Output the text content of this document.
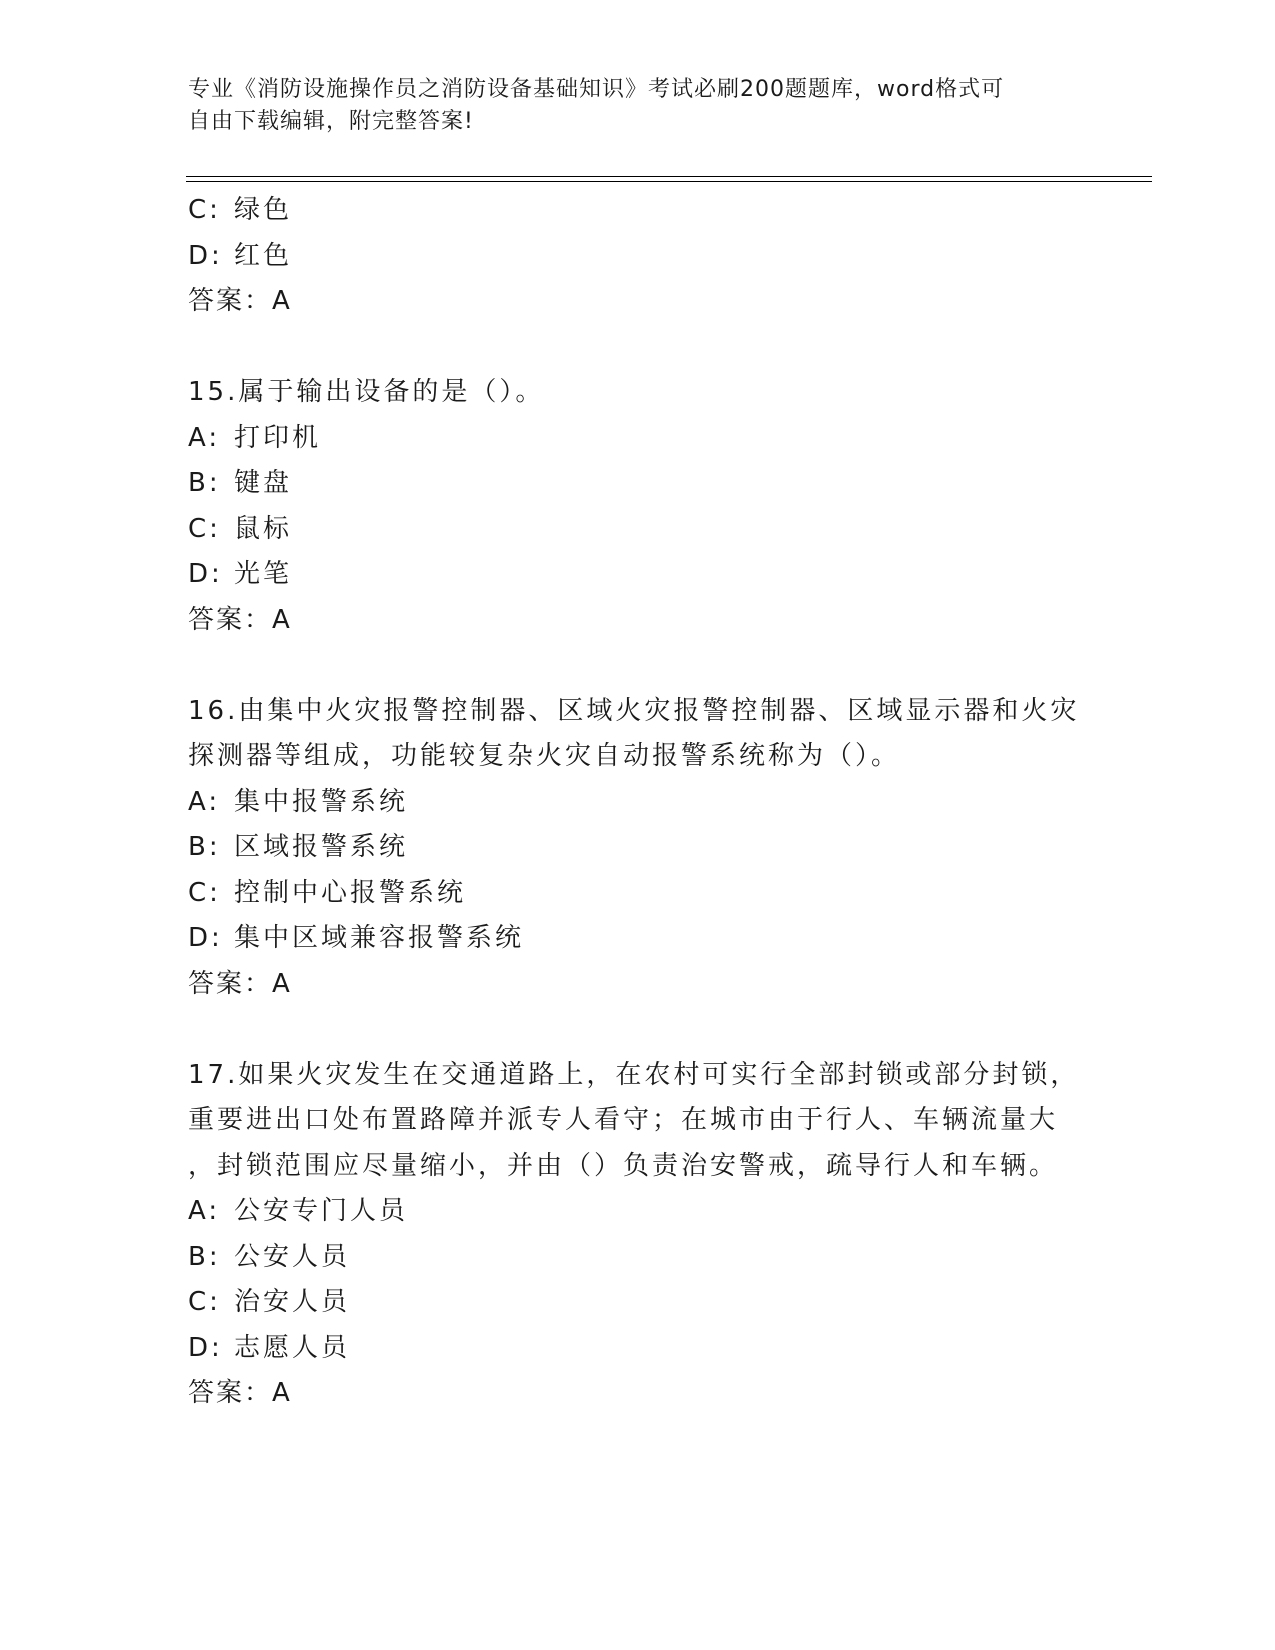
专业《消防设施操作员之消防设备基础知识》考试必刷200题题库，word格式可
自由下载编辑，附完整答案!
C: 绿色
D: 红色
答案：A
15.属于输出设备的是（）。
A: 打印机
B: 键盘
C: 鼠标
D: 光笔
答案：A
16.由集中火灾报警控制器、区域火灾报警控制器、区域显示器和火灾
探测器等组成，功能较复杂火灾自动报警系统称为（）。
A: 集中报警系统
B: 区域报警系统
C: 控制中心报警系统
D: 集中区域兼容报警系统
答案：A
17.如果火灾发生在交通道路上，在农村可实行全部封锁或部分封锁，
重要进出口处布置路障并派专人看守；在城市由于行人、车辆流量大
，封锁范围应尽量缩小，并由（）负责治安警戒，疏导行人和车辆。
A: 公安专门人员
B: 公安人员
C: 治安人员
D: 志愿人员
答案：A
